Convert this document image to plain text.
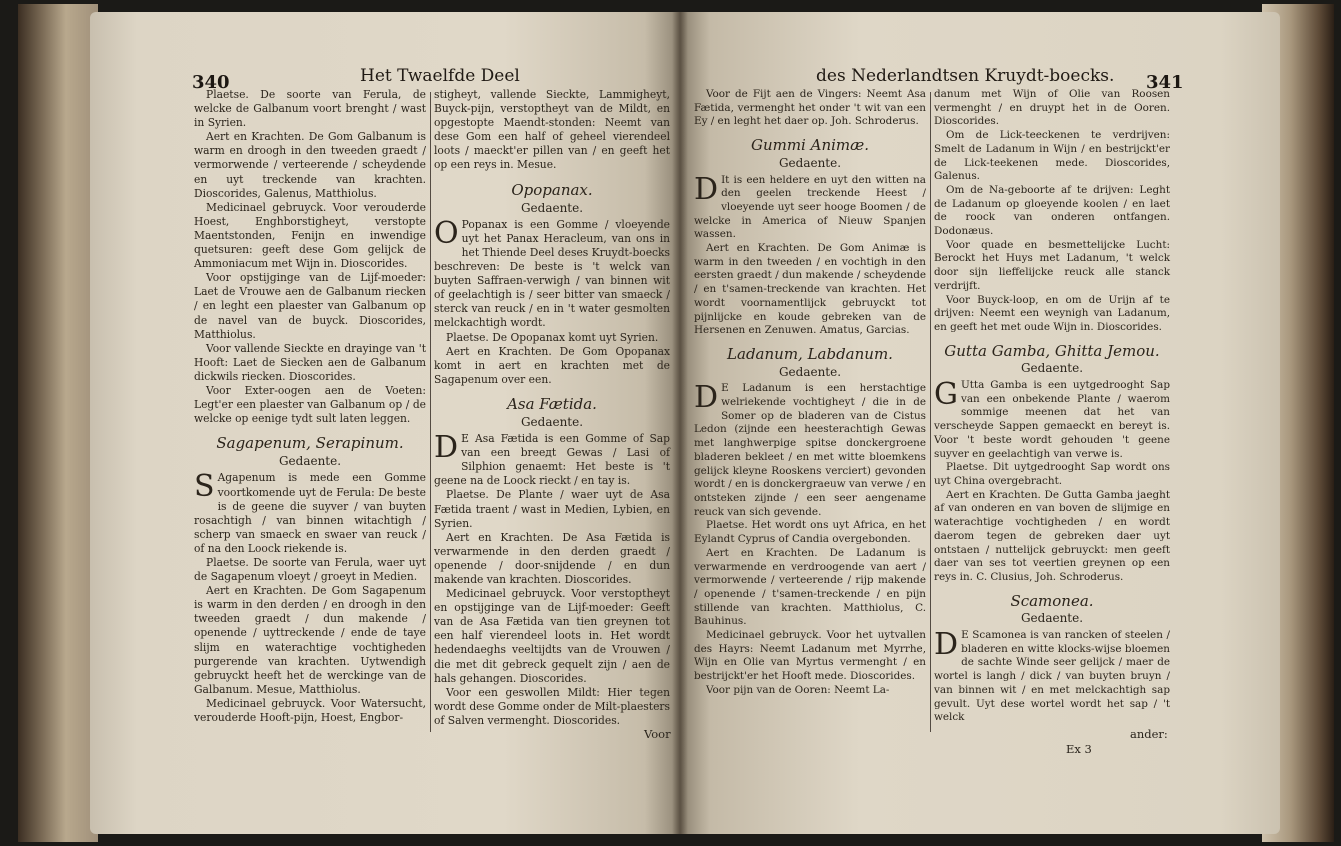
340	Het Twaelfde Deel

Plaetse. De soorte van Ferula, de welcke de Galbanum voort brenght / wast in Syrien.

Aert en Krachten. De Gom Galbanum is warm en droogh in den tweeden graedt / vermorwende / verteerende / scheydende en uyt treckende van krachten. Dioscorides, Galenus, Matthiolus.

Medicinael gebruyck. Voor verouderde Hoest, Enghborstigheyt, verstopte Maentstonden, Fenijn en inwendige quetsuren: geeft dese Gom gelijck de Ammoniacum met Wijn in. Dioscorides.

Voor opstijginge van de Lijf-moeder: Laet de Vrouwe aen de Galbanum riecken / en leght een plaester van Galbanum op de navel van de buyck. Dioscorides, Matthiolus.

Voor vallende Sieckte en drayinge van 't Hooft: Laet de Siecken aen de Galbanum dickwils riecken. Dioscorides.

Voor Exter-oogen aen de Voeten: Legt'er een plaester van Galbanum op / de welcke op eenige tydt sult laten leggen.

Sagapenum, Serapinum.
Gedaente.
S Agapenum is mede een Gomme voortkomende uyt de Ferula: De beste is de geene die suyver / van buyten rosachtigh / van binnen witachtigh / scherp van smaeck en swaer van reuck / of na den Loock riekende is.

Plaetse. De soorte van Ferula, waer uyt de Sagapenum vloeyt / groeyt in Medien.

Aert en Krachten. De Gom Sagapenum is warm in den derden / en droogh in den tweeden graedt / dun makende / openende / uyttreckende / ende de taye slijm en waterachtige vochtigheden purgerende van krachten. Uytwendigh gebruyckt heeft het de werckinge van de Galbanum. Mesue, Matthiolus.

Medicinael gebruyck. Voor Watersucht, verouderde Hooft-pijn, Hoest, Engbor-

stigheyt, vallende Sieckte, Lammigheyt, Buyck-pijn, verstoptheyt van de Mildt, en opgestopte Maendt-stonden: Neemt van dese Gom een half of geheel vierendeel loots / maeckt'er pillen van / en geeft het op een reys in. Mesue.

Opopanax.
Gedaente.
O Popanax is een Gomme / vloeyende uyt het Panax Heracleum, van ons in het Thiende Deel deses Kruydt-boecks beschreven: De beste is 't welck van buyten Saffraen-verwigh / van binnen wit of geelachtigh is / seer bitter van smaeck / sterck van reuck / en in 't water gesmolten melckachtigh wordt.

Plaetse. De Opopanax komt uyt Syrien.

Aert en Krachten. De Gom Opopanax komt in aert en krachten met de Sagapenum over een.

Asa Fætida.
Gedaente.
D E Asa Fætida is een Gomme of Sap van een breeдt Gewas / Lasi of Silphion genaemt: Het beste is 't geene na de Loock rieckt / en tay is.

Plaetse. De Plante / waer uyt de Asa Fætida traent / wast in Medien, Lybien, en Syrien.

Aert en Krachten. De Asa Fætida is verwarmende in den derden graedt / openende / door-snijdende / en dun makende van krachten. Dioscorides.

Medicinael gebruyck. Voor verstoptheyt en opstijginge van de Lijf-moeder: Geeft van de Asa Fætida van tien greynen tot een half vierendeel loots in. Het wordt hedendaeghs veeltijdts van de Vrouwen / die met dit gebreck gequelt zijn / aen de hals gehangen. Dioscorides.

Voor een geswollen Mildt: Hier tegen wordt dese Gomme onder de Milt-plaesters of Salven vermenght. Dioscorides.

Voor
des Nederlandtsen Kruydt-boecks. 341

Voor de Fijt aen de Vingers: Neemt Asa Fætida, vermenght het onder 't wit van een Ey / en leght het daer op. Joh. Schroderus.

Gummi Animæ.
Gedaente.
D It is een heldere en uyt den witten na den geelen treckende Heest / vloeyende uyt seer hooge Boomen / de welcke in America of Nieuw Spanjen wassen.

Aert en Krachten. De Gom Animæ is warm in den tweeden / en vochtigh in den eersten graedt / dun makende / scheydende / en t'samen-treckende van krachten. Het wordt voornamentlijck gebruyckt tot pijnlijcke en koude gebreken van de Hersenen en Zenuwen. Amatus, Garcias.

Ladanum, Labdanum.
Gedaente.
D E Ladanum is een herstachtige welriekende vochtigheyt / die in de Somer op de bladeren van de Cistus Ledon (zijnde een heesterachtigh Gewas met langhwerpige spitse donckergroene bladeren bekleet / en met witte bloemkens gelijck kleyne Rooskens verciert) gevonden wordt / en is donckergraeuw van verwe / en ontsteken zijnde / een seer aengename reuck van sich gevende.

Plaetse. Het wordt ons uyt Africa, en het Eylandt Cyprus of Candia overgebonden.

Aert en Krachten. De Ladanum is verwarmende en verdroogende van aert / vermorwende / verteerende / rijp makende / openende / t'samen-treckende / en pijn stillende van krachten. Matthiolus, C. Bauhinus.

Medicinael gebruyck. Voor het uytvallen des Hayrs: Neemt Ladanum met Myrrhe, Wijn en Olie van Myrtus vermenght / en bestrijckt'er het Hooft mede. Dioscorides.

Voor pijn van de Ooren: Neemt La-

danum met Wijn of Olie van Roosen vermenght / en druypt het in de Ooren. Dioscorides.

Om de Lick-teeckenen te verdrijven: Smelt de Ladanum in Wijn / en bestrijckt'er de Lick-teekenen mede. Dioscorides, Galenus.

Om de Na-geboorte af te drijven: Leght de Ladanum op gloeyende koolen / en laet de roock van onderen ontfangen. Dodonæus.

Voor quade en besmettelijcke Lucht: Berockt het Huys met Ladanum, 't welck door sijn lieffelijcke reuck alle stanck verdrijft.

Voor Buyck-loop, en om de Urijn af te drijven: Neemt een weynigh van Ladanum, en geeft het met oude Wijn in. Dioscorides.

Gutta Gamba, Ghitta Jemou.
Gedaente.
G Utta Gamba is een uytgedrooght Sap van een onbekende Plante / waerom sommige meenen dat het van verscheyde Sappen gemaeckt en bereyt is. Voor 't beste wordt gehouden 't geene suyver en geelachtigh van verwe is.

Plaetse. Dit uytgedrooght Sap wordt ons uyt China overgebracht.

Aert en Krachten. De Gutta Gamba jaeght af van onderen en van boven de slijmige en waterachtige vochtigheden / en wordt daerom tegen de gebreken daer uyt ontstaen / nuttelijck gebruyckt: men geeft daer van ses tot veertien greynen op een reys in. C. Clusius, Joh. Schroderus.

Scamonea.
Gedaente.
D E Scamonea is van rancken of steelen / bladeren en witte klocks-wijse bloemen de sachte Winde seer gelijck / maer de wortel is langh / dick / van buyten bruyn / van binnen wit / en met melckachtigh sap gevult. Uyt dese wortel wordt het sap / 't welck

Ex 3
ander:
